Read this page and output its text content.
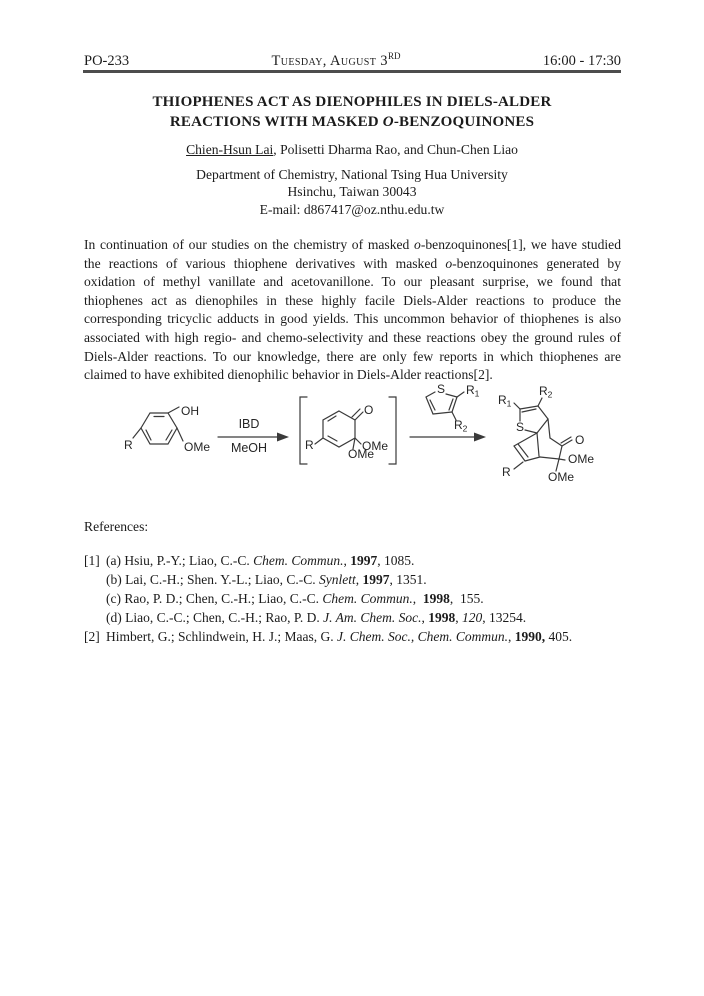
PO-233	Tuesday, August 3RD	16:00 - 17:30
THIOPHENES ACT AS DIENOPHILES IN DIELS-ALDER
REACTIONS WITH MASKED O-BENZOQUINONES
Chien-Hsun Lai, Polisetti Dharma Rao, and Chun-Chen Liao
Department of Chemistry, National Tsing Hua University
Hsinchu, Taiwan 30043
E-mail: d867417@oz.nthu.edu.tw
In continuation of our studies on the chemistry of masked o-benzoquinones[1], we have studied the reactions of various thiophene derivatives with masked o-benzoquinones generated by oxidation of methyl vanillate and acetovanillone. To our pleasant surprise, we found that thiophenes act as dienophiles in these highly facile Diels-Alder reactions to produce the corresponding tricyclic adducts in good yields. This uncommon behavior of thiophenes is also associated with high regio- and chemo-selectivity and these reactions obey the ground rules of Diels-Alder reactions. To our knowledge, there are only few reports in which thiophenes are claimed to have exhibited dienophilic behavior in Diels-Alder reactions[2].
OH
OMe
R
IBD
MeOH
O
OMe
OMe
R
S $R_1$
$R_2$
$R_1$
$R_2$
S
O
OMe
OMe
R
References:
[1] (a) Hsiu, P.-Y.; Liao, C.-C. Chem. Commun., 1997, 1085.
(b) Lai, C.-H.; Shen. Y.-L.; Liao, C.-C. Synlett, 1997, 1351.
(c) Rao, P. D.; Chen, C.-H.; Liao, C.-C. Chem. Commun., 1998, 155.
(d) Liao, C.-C.; Chen, C.-H.; Rao, P. D. J. Am. Chem. Soc., 1998, 120, 13254.
[2] Himbert, G.; Schlindwein, H. J.; Maas, G. J. Chem. Soc., Chem. Commun., 1990, 405.
